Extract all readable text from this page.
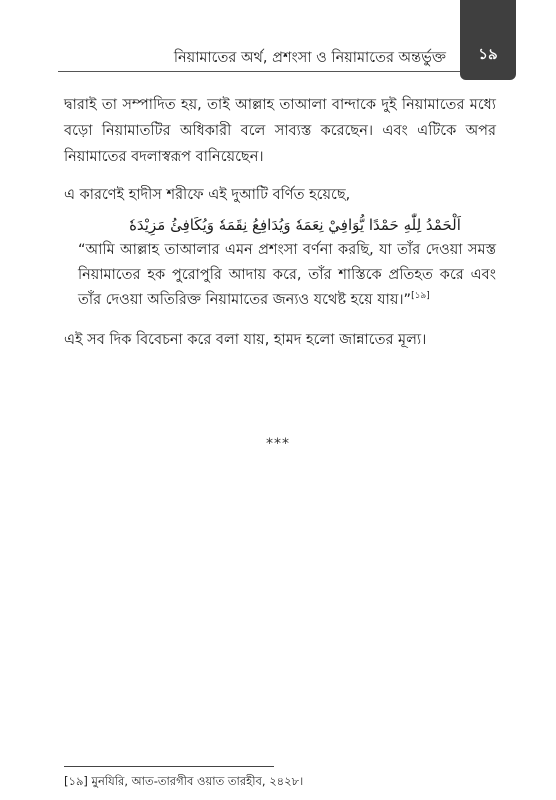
১৯
নিয়ামাতের অর্থ, প্রশংসা ও নিয়ামাতের অন্তর্ভুক্ত

দ্বারাই তা সম্পাদিত হয়, তাই আল্লাহ তাআলা বান্দাকে দুই নিয়ামাতের মধ্যে বড়ো নিয়ামাতটির অধিকারী বলে সাব্যস্ত করেছেন। এবং এটিকে অপর নিয়ামাতের বদলাস্বরূপ বানিয়েছেন।

এ কারণেই হাদীস শরীফে এই দুআটি বর্ণিত হয়েছে,

اَلْحَمْدُ لِلّٰهِ حَمْدًا يُّوَافِيْ نِعَمَهٗ وَيُدَافِعُ نِقَمَهٗ وَيُكَافِئُ مَزِيْدَهٗ

“আমি আল্লাহ তাআলার এমন প্রশংসা বর্ণনা করছি, যা তাঁর দেওয়া সমস্ত নিয়ামাতের হক পুরোপুরি আদায় করে, তাঁর শাস্তিকে প্রতিহত করে এবং তাঁর দেওয়া অতিরিক্ত নিয়ামাতের জন্যও যথেষ্ট হয়ে যায়।”[১৯]

এই সব দিক বিবেচনা করে বলা যায়, হামদ হলো জান্নাতের মূল্য।

***
[১৯] মুনযিরি, আত-তারগীব ওয়াত তারহীব, ২৪২৮।
